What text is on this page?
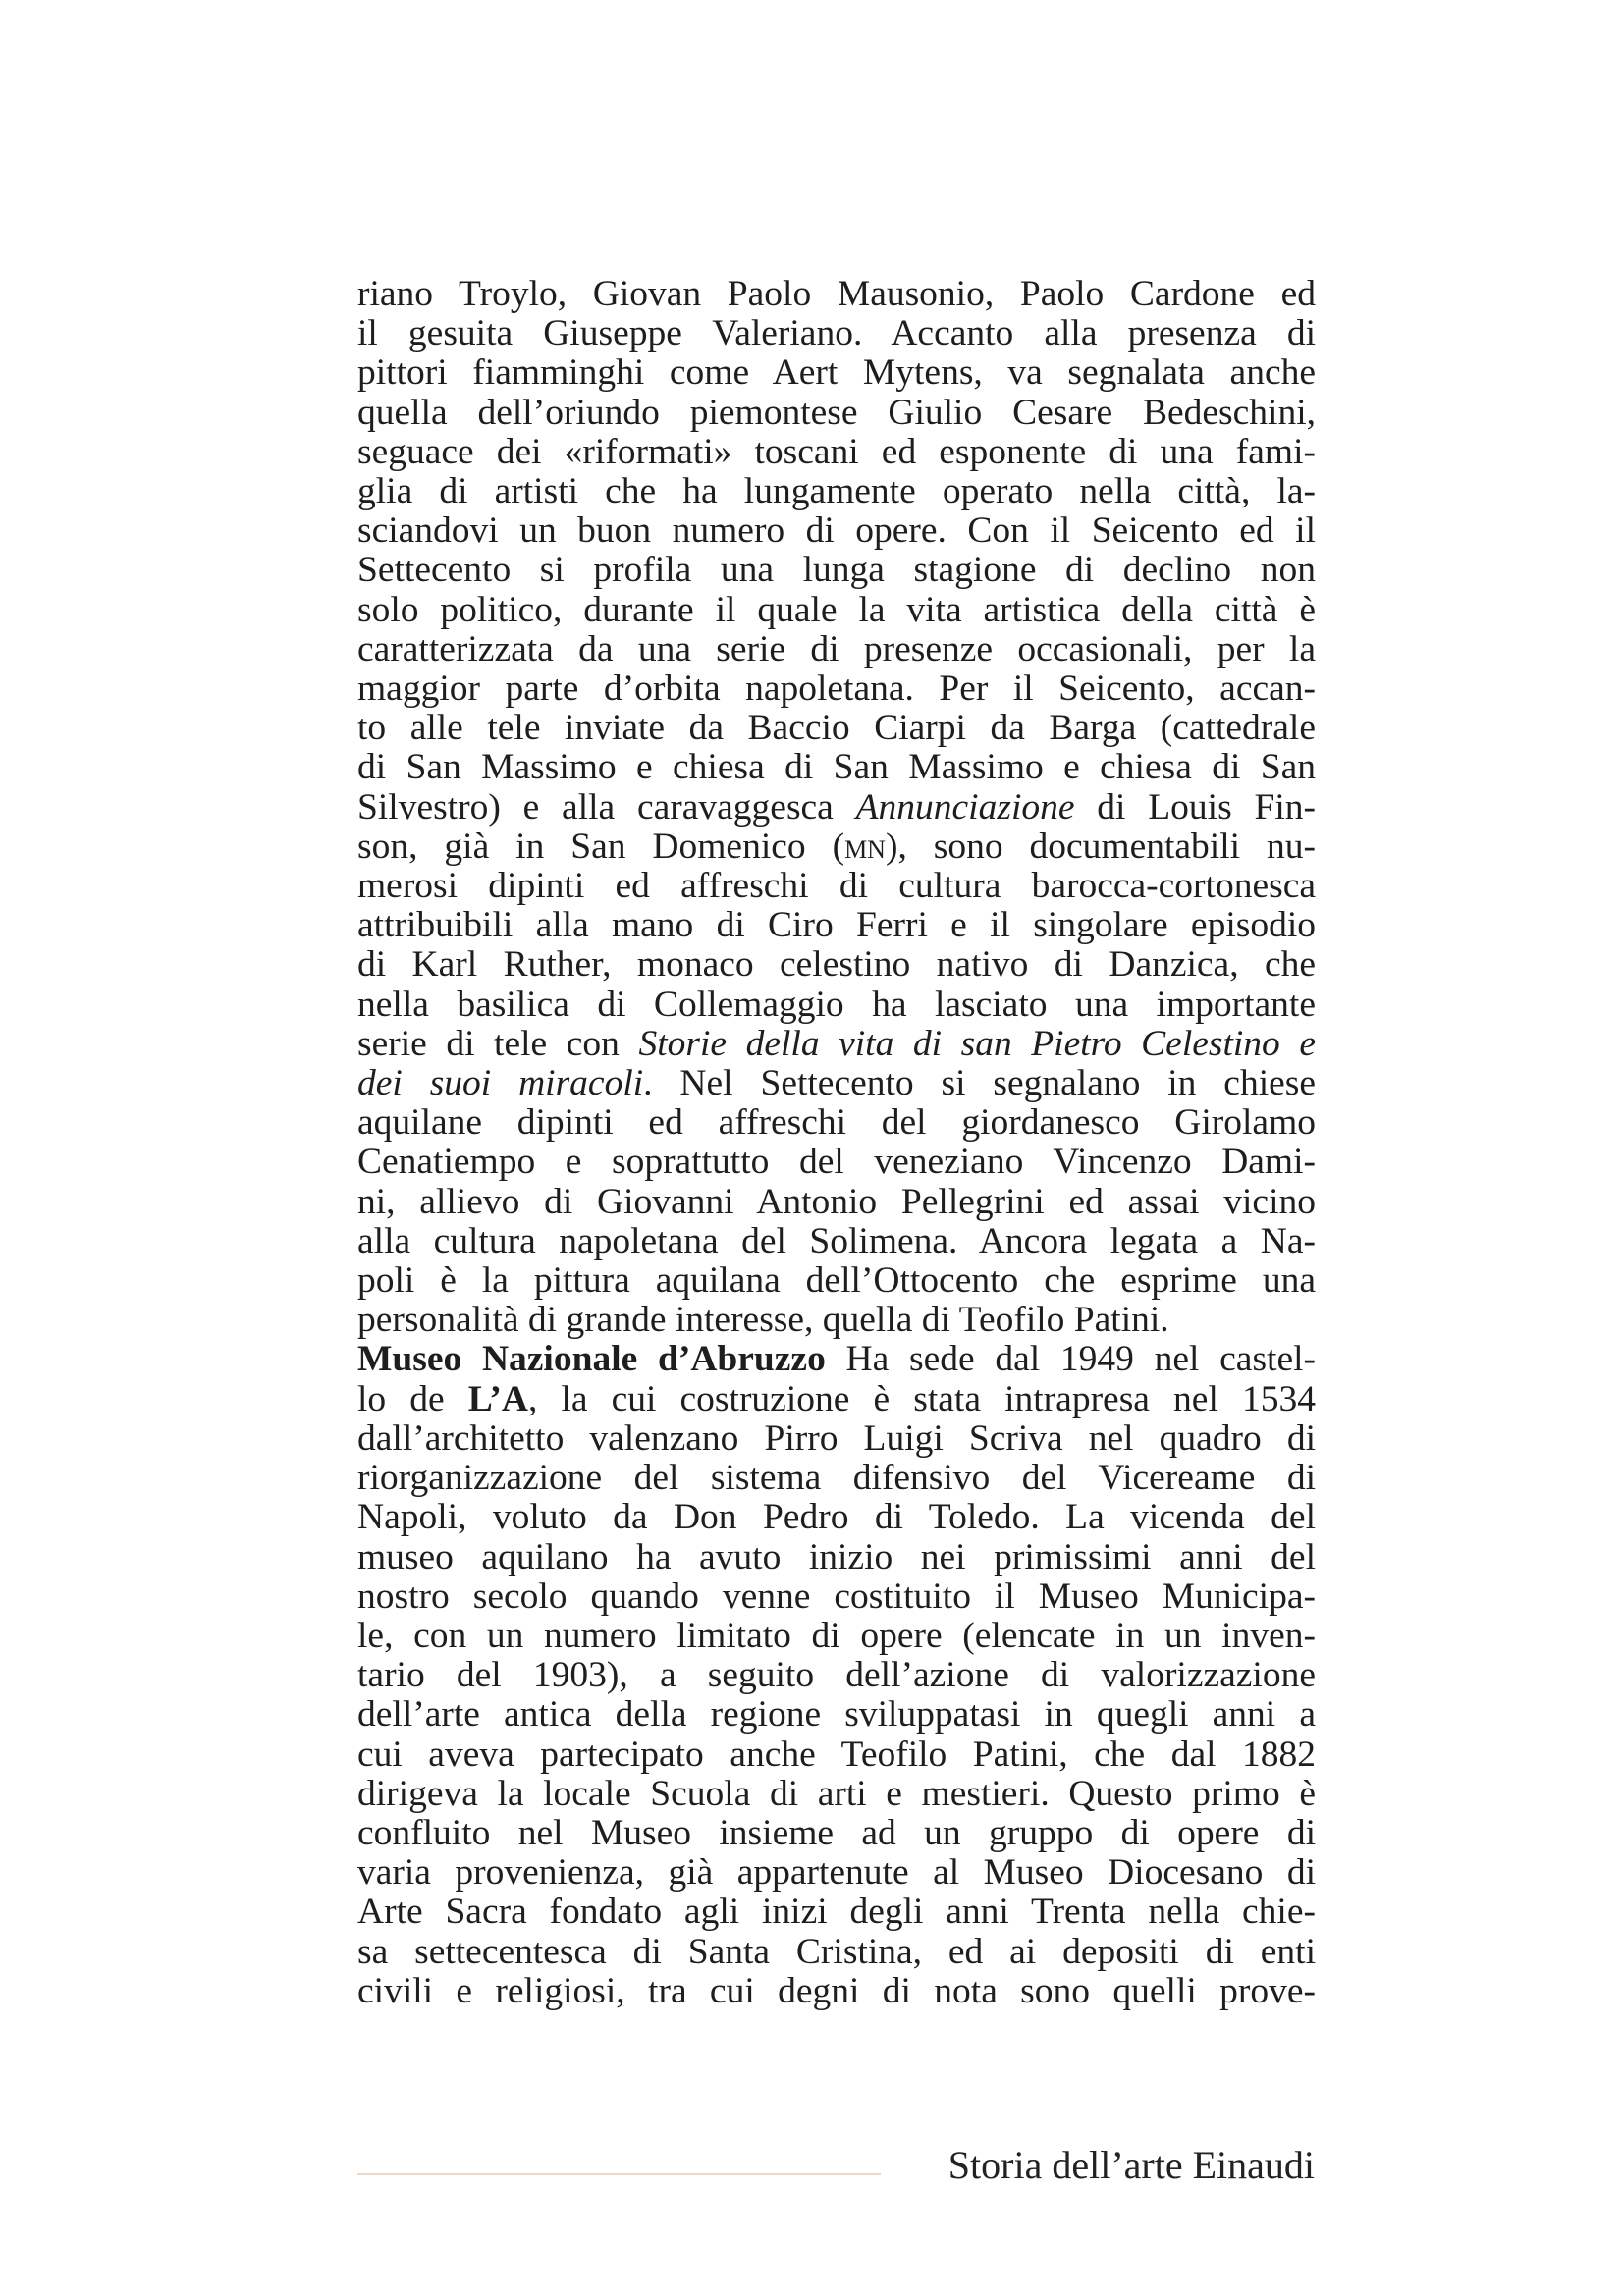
riano Troylo, Giovan Paolo Mausonio, Paolo Cardone ed
il gesuita Giuseppe Valeriano. Accanto alla presenza di
pittori fiamminghi come Aert Mytens, va segnalata anche
quella dell’oriundo piemontese Giulio Cesare Bedeschini,
seguace dei «riformati» toscani ed esponente di una fami-
glia di artisti che ha lungamente operato nella città, la-
sciandovi un buon numero di opere. Con il Seicento ed il
Settecento si profila una lunga stagione di declino non
solo politico, durante il quale la vita artistica della città è
caratterizzata da una serie di presenze occasionali, per la
maggior parte d’orbita napoletana. Per il Seicento, accan-
to alle tele inviate da Baccio Ciarpi da Barga (cattedrale
di San Massimo e chiesa di San Massimo e chiesa di San
Silvestro) e alla caravaggesca Annunciazione di Louis Fin-
son, già in San Domenico (mn), sono documentabili nu-
merosi dipinti ed affreschi di cultura barocca-cortonesca
attribuibili alla mano di Ciro Ferri e il singolare episodio
di Karl Ruther, monaco celestino nativo di Danzica, che
nella basilica di Collemaggio ha lasciato una importante
serie di tele con Storie della vita di san Pietro Celestino e
dei suoi miracoli. Nel Settecento si segnalano in chiese
aquilane dipinti ed affreschi del giordanesco Girolamo
Cenatiempo e soprattutto del veneziano Vincenzo Dami-
ni, allievo di Giovanni Antonio Pellegrini ed assai vicino
alla cultura napoletana del Solimena. Ancora legata a Na-
poli è la pittura aquilana dell’Ottocento che esprime una
personalità di grande interesse, quella di Teofilo Patini.
Museo Nazionale d’Abruzzo Ha sede dal 1949 nel castel-
lo de L’A, la cui costruzione è stata intrapresa nel 1534
dall’architetto valenzano Pirro Luigi Scriva nel quadro di
riorganizzazione del sistema difensivo del Vicereame di
Napoli, voluto da Don Pedro di Toledo. La vicenda del
museo aquilano ha avuto inizio nei primissimi anni del
nostro secolo quando venne costituito il Museo Municipa-
le, con un numero limitato di opere (elencate in un inven-
tario del 1903), a seguito dell’azione di valorizzazione
dell’arte antica della regione sviluppatasi in quegli anni a
cui aveva partecipato anche Teofilo Patini, che dal 1882
dirigeva la locale Scuola di arti e mestieri. Questo primo è
confluito nel Museo insieme ad un gruppo di opere di
varia provenienza, già appartenute al Museo Diocesano di
Arte Sacra fondato agli inizi degli anni Trenta nella chie-
sa settecentesca di Santa Cristina, ed ai depositi di enti
civili e religiosi, tra cui degni di nota sono quelli prove-
Storia dell’arte Einaudi
